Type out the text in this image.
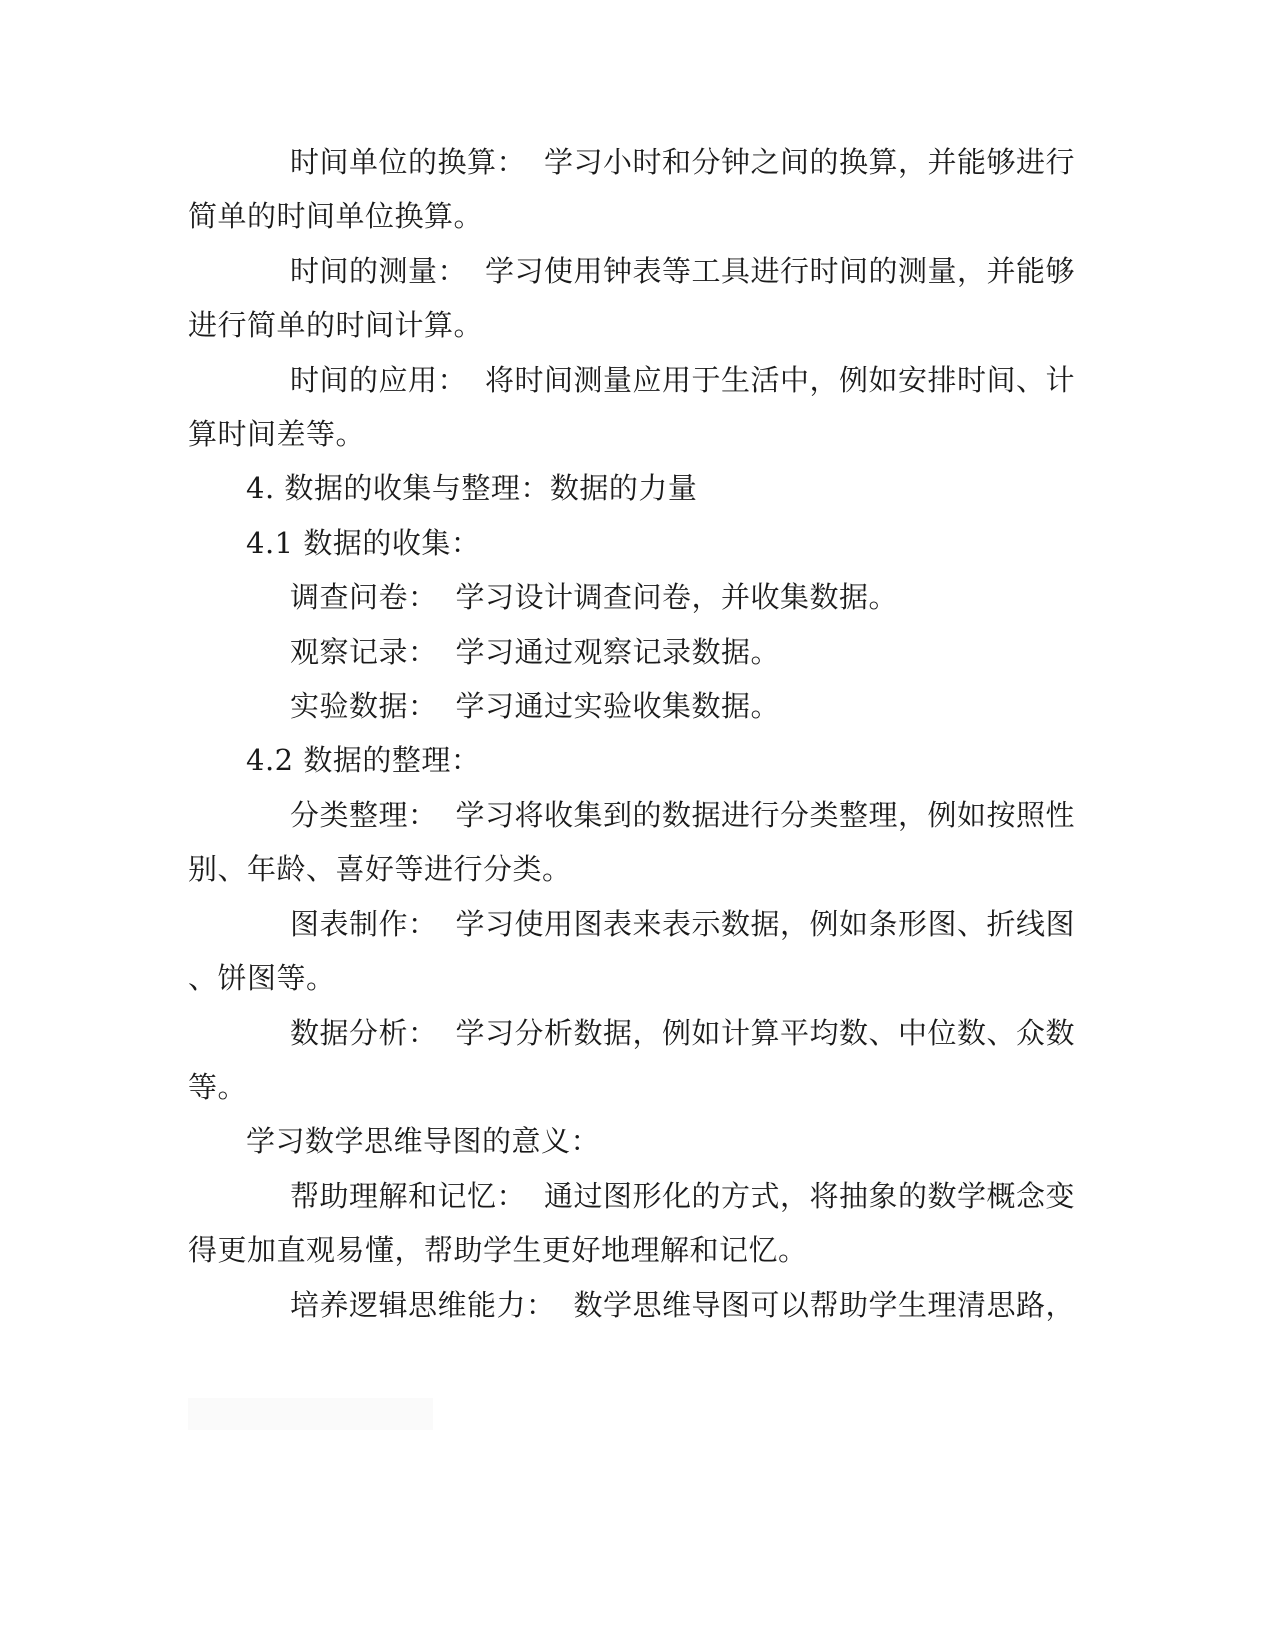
时间单位的换算： 学习小时和分钟之间的换算，并能够进行
简单的时间单位换算。
时间的测量： 学习使用钟表等工具进行时间的测量，并能够
进行简单的时间计算。
时间的应用： 将时间测量应用于生活中，例如安排时间、计
算时间差等。
4. 数据的收集与整理：数据的力量
4.1 数据的收集：
调查问卷： 学习设计调查问卷，并收集数据。
观察记录： 学习通过观察记录数据。
实验数据： 学习通过实验收集数据。
4.2 数据的整理：
分类整理： 学习将收集到的数据进行分类整理，例如按照性
别、年龄、喜好等进行分类。
图表制作： 学习使用图表来表示数据，例如条形图、折线图
、饼图等。
数据分析： 学习分析数据，例如计算平均数、中位数、众数
等。
学习数学思维导图的意义：
帮助理解和记忆： 通过图形化的方式，将抽象的数学概念变
得更加直观易懂，帮助学生更好地理解和记忆。
培养逻辑思维能力： 数学思维导图可以帮助学生理清思路，
